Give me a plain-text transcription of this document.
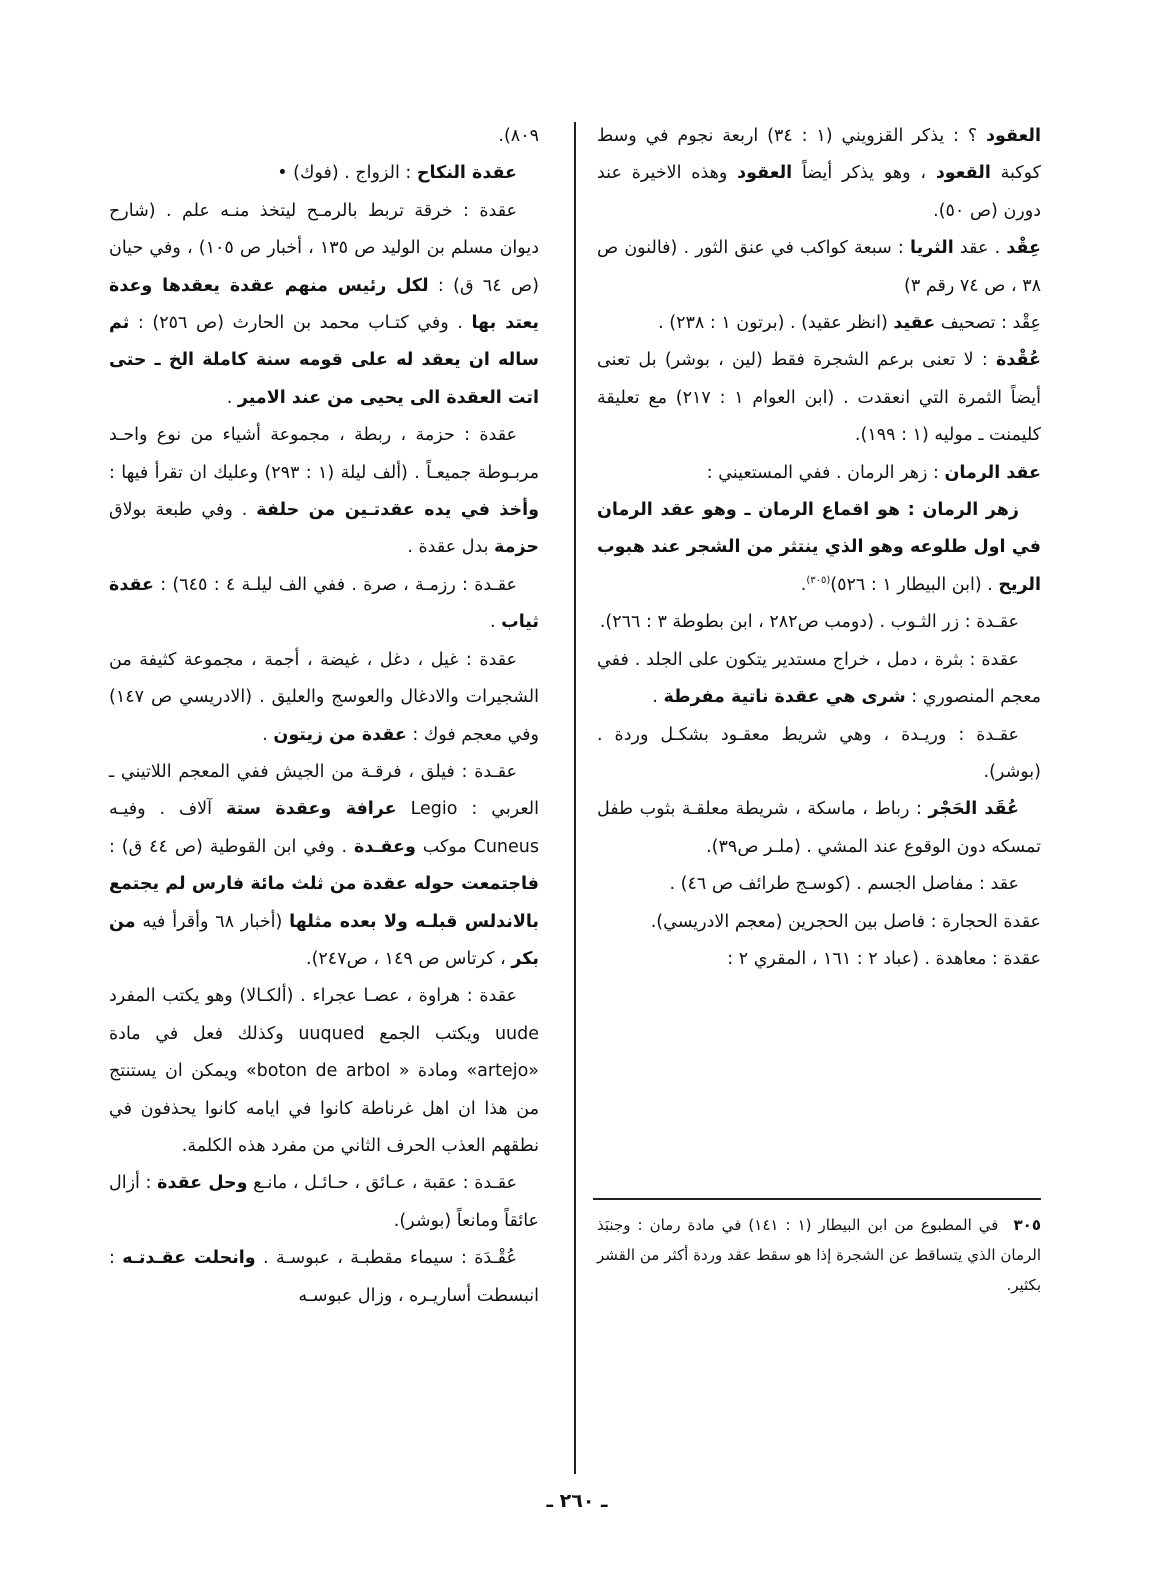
العقود ؟ : يذكر القزويني (١ : ٣٤) اربعة نجوم في وسط كوكبة القعود ، وهو يذكر أيضاً العقود وهذه الاخيرة عند دورن (ص ٥٠).

عِقْد . عقد الثريا : سبعة كواكب في عنق الثور . (فالنون ص ٣٨ ، ص ٧٤ رقم ٣)

عِقْد : تصحيف عقيد (انظر عقيد) . (برتون ١ : ٢٣٨) .

عُقْدة : لا تعنى برعم الشجرة فقط (لين ، بوشر) بل تعنى أيضاً الثمرة التي انعقدت . (ابن العوام ١ : ٢١٧) مع تعليقة كليمنت ـ موليه (١ : ١٩٩).

عقد الرمان : زهر الرمان . ففي المستعيني :

زهر الرمان : هو اقماع الرمان ـ وهو عقد الرمان في اول طلوعه وهو الذي ينتثر من الشجر عند هبوب الريح . (ابن البيطار ١ : ٥٢٦)$^{(٣٠٥)}$.

عقـدة : زر الثـوب . (دومب ص٢٨٢ ، ابن بطوطة ٣ : ٢٦٦).

عقدة : بثرة ، دمل ، خراج مستدير يتكون على الجلد . ففي معجم المنصوري : شرى هي عقدة ناتية مفرطة .

عقـدة : وريـدة ، وهي شريط معقـود بشكـل وردة . (بوشر).

عُقَد الحَجْر : رباط ، ماسكة ، شريطة معلقـة بثوب طفل تمسكه دون الوقوع عند المشي . (ملـر ص٣٩).

عقد : مفاصل الجسم . (كوسـج طرائف ص ٤٦) .

عقدة الحجارة : فاصل بين الحجرين (معجم الادريسي).

عقدة : معاهدة . (عباد ٢ : ١٦١ ، المقري ٢ :

٨٠٩).

عقدة النكاح : الزواج . (فوك) •

عقدة : خرقة تربط بالرمـح ليتخذ منـه علم . (شارح ديوان مسلم بن الوليد ص ١٣٥ ، أخبار ص ١٠٥) ، وفي حيان (ص ٦٤ ق) : لكل رئيس منهم عقدة يعقدها وعدة يعتد بها . وفي كتـاب محمد بن الحارث (ص ٢٥٦) : ثم ساله ان يعقد له على قومه سنة كاملة الخ ـ حتى اتت العقدة الى يحيى من عند الامير .

عقدة : حزمة ، ربطة ، مجموعة أشياء من نوع واحـد مربـوطة جميعـاً . (ألف ليلة (١ : ٢٩٣) وعليك ان تقرأ فيها : وأخذ في يده عقدتـين من حلفة . وفي طبعة بولاق حزمة بدل عقدة .

عقـدة : رزمـة ، صرة . ففي الف ليلـة ٤ : ٦٤٥) : عقدة ثياب .

عقدة : غيل ، دغل ، غيضة ، أجمة ، مجموعة كثيفة من الشجيرات والادغال والعوسج والعليق . (الادريسي ص ١٤٧) وفي معجم فوك : عقدة من زيتون .

عقـدة : فيلق ، فرقـة من الجيش ففي المعجم اللاتيني ـ العربي : Legio عرافة وعقدة ستة آلاف . وفيـه Cuneus موكب وعقـدة . وفي ابن القوطية (ص ٤٤ ق) : فاجتمعت حوله عقدة من ثلث مائة فارس لم يجتمع بالاندلس قبلـه ولا بعده مثلها (أخبار ٦٨ وأقرأ فيه من بكر ، كرتاس ص ١٤٩ ، ص٢٤٧).

عقدة : هراوة ، عصـا عجراء . (ألكـالا) وهو يكتب المفرد uude ويكتب الجمع uuqued وكذلك فعل في مادة «artejo» ومادة « boton de arbol» ويمكن ان يستنتج من هذا ان اهل غرناطة كانوا في ايامه كانوا يحذفون في نطقهم العذب الحرف الثاني من مفرد هذه الكلمة.

عقـدة : عقبة ، عـائق ، حـائـل ، مانـع وحل عقدة : أزال عائقاً ومانعاً (بوشر).

عُقْـدَة : سيماء مقطبـة ، عبوسـة . وانحلت عقـدتـه : انبسطت أساريـره ، وزال عبوسـه

٣٠٥ في المطبوع من ابن البيطار (١ : ١٤١) في مادة رمان : وجنبَذ الرمان الذي يتساقط عن الشجرة إذا هو سقط عقد وردة أكثر من القشر بكثير.

ـ ٢٦٠ ـ
